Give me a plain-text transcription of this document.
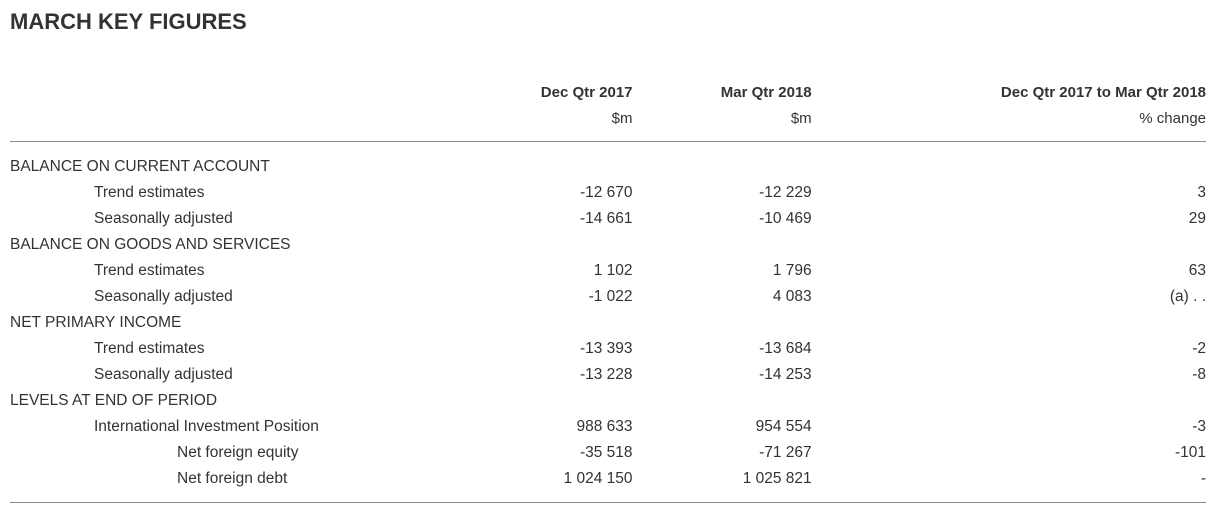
MARCH KEY FIGURES
	Dec Qtr 2017	Mar Qtr 2018	Dec Qtr 2017 to Mar Qtr 2018
	$m	$m	% change

BALANCE ON CURRENT ACCOUNT			
Trend estimates	-12 670	-12 229	3
Seasonally adjusted	-14 661	-10 469	29
BALANCE ON GOODS AND SERVICES			
Trend estimates	1 102	1 796	63
Seasonally adjusted	-1 022	4 083	(a) . .
NET PRIMARY INCOME			
Trend estimates	-13 393	-13 684	-2
Seasonally adjusted	-13 228	-14 253	-8
LEVELS AT END OF PERIOD			
International Investment Position	988 633	954 554	-3
Net foreign equity	-35 518	-71 267	-101
Net foreign debt	1 024 150	1 025 821	-
